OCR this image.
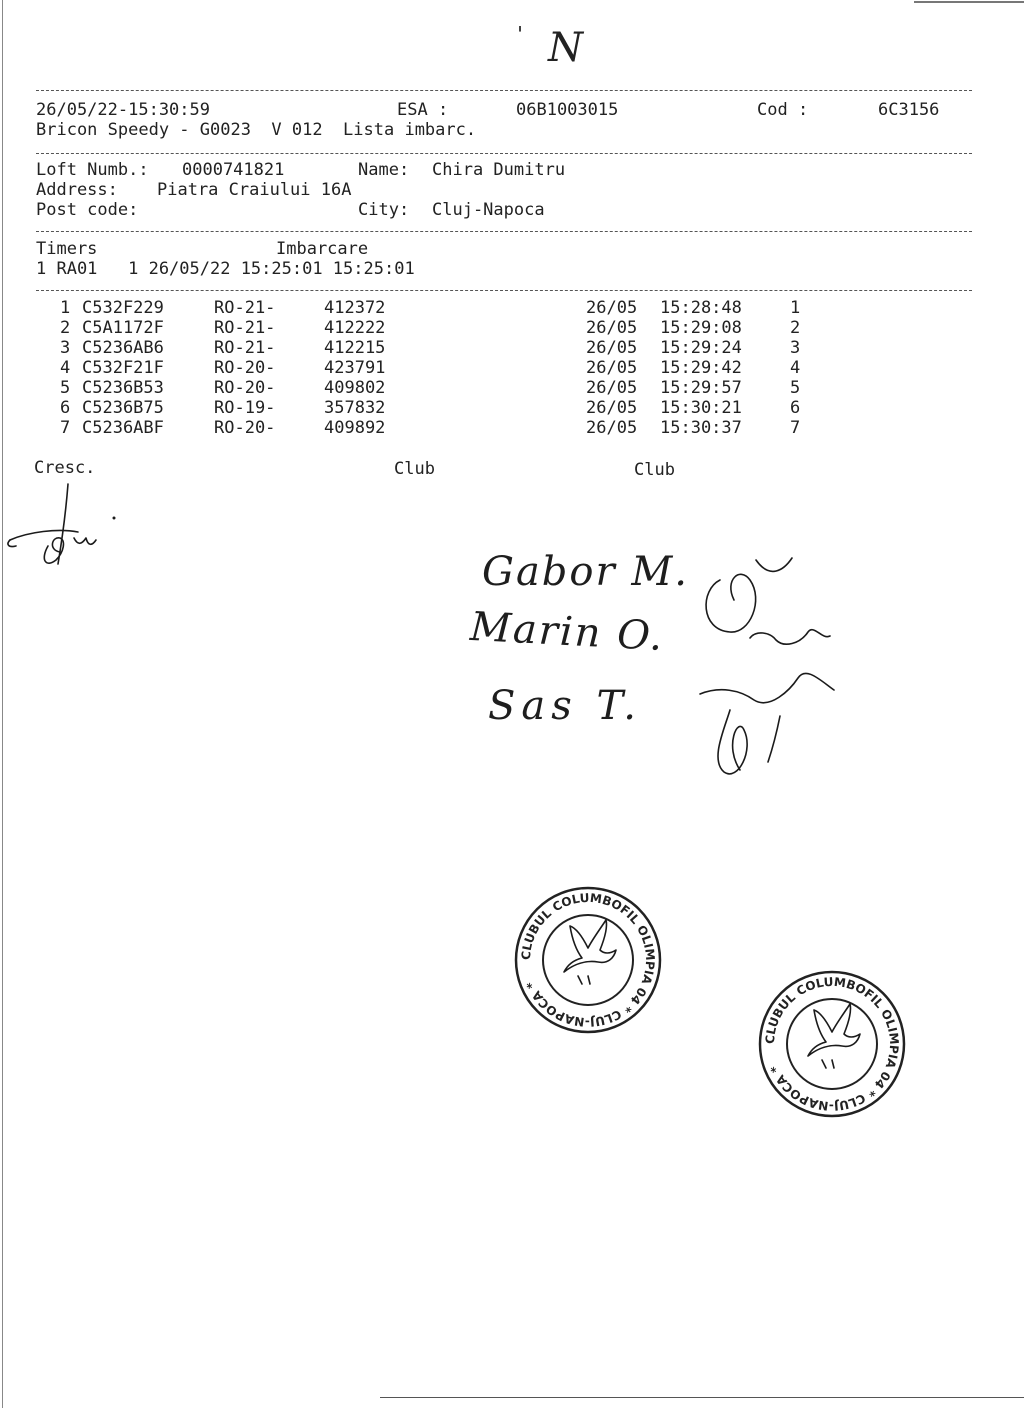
N
'
26/05/22-15:30:59	ESA :	06B1003015	Cod :	6C3156
Bricon Speedy - G0023  V 012  Lista imbarc.
Loft Numb.: 0000741821	Name: Chira Dumitru
Address: Piatra Craiului 16A
Post code:	City: Cluj-Napoca
Timers	Imbarcare
1 RA01   1 26/05/22 15:25:01 15:25:01
1 C532F229	RO-21-	412372	26/05 15:28:48	1
2 C5A1172F	RO-21-	412222	26/05 15:29:08	2
3 C5236AB6	RO-21-	412215	26/05 15:29:24	3
4 C532F21F	RO-20-	423791	26/05 15:29:42	4
5 C5236B53	RO-20-	409802	26/05 15:29:57	5
6 C5236B75	RO-19-	357832	26/05 15:30:21	6
7 C5236ABF	RO-20-	409892	26/05 15:30:37	7
Cresc.	Club	Club
Gabor M.
Marin O.
Sas T.
CLUBUL COLUMBOFIL OLIMPIA 04 * CLUJ-NAPOCA *
CLUBUL COLUMBOFIL OLIMPIA 04 * CLUJ-NAPOCA *
